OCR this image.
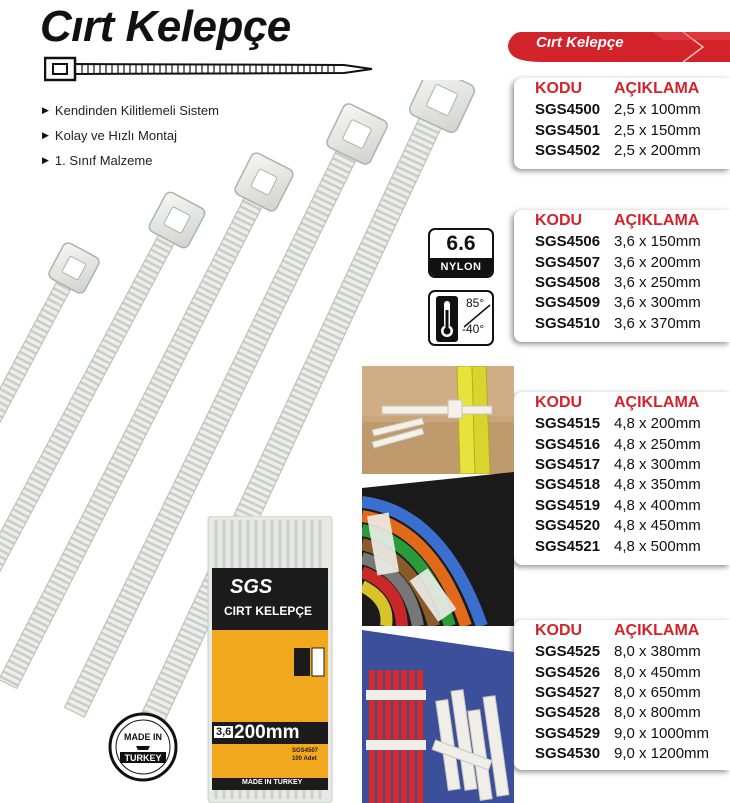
Cırt Kelepçe
▶ Kendinden Kilitlemeli Sistem
▶ Kolay ve Hızlı Montaj
▶ 1. Sınıf Malzeme
Cırt Kelepçe
KODU	AÇIKLAMA
SGS4500 2,5 x 100mm
SGS4501 2,5 x 150mm
SGS4502 2,5 x 200mm
KODU	AÇIKLAMA
SGS4506 3,6 x 150mm
SGS4507 3,6 x 200mm
SGS4508 3,6 x 250mm
SGS4509 3,6 x 300mm
SGS4510 3,6 x 370mm
KODU	AÇIKLAMA
SGS4515 4,8 x 200mm
SGS4516 4,8 x 250mm
SGS4517 4,8 x 300mm
SGS4518 4,8 x 350mm
SGS4519 4,8 x 400mm
SGS4520 4,8 x 450mm
SGS4521 4,8 x 500mm
KODU	AÇIKLAMA
SGS4525 8,0 x 380mm
SGS4526 8,0 x 450mm
SGS4527 8,0 x 650mm
SGS4528 8,0 x 800mm
SGS4529 9,0 x 1000mm
SGS4530 9,0 x 1200mm
6.6
NYLON
85°
-40°
SGS
CIRT KELEPÇE
3,6 200mm
SGS4507
100 Adet
MADE IN TURKEY
MADE IN
TURKEY
